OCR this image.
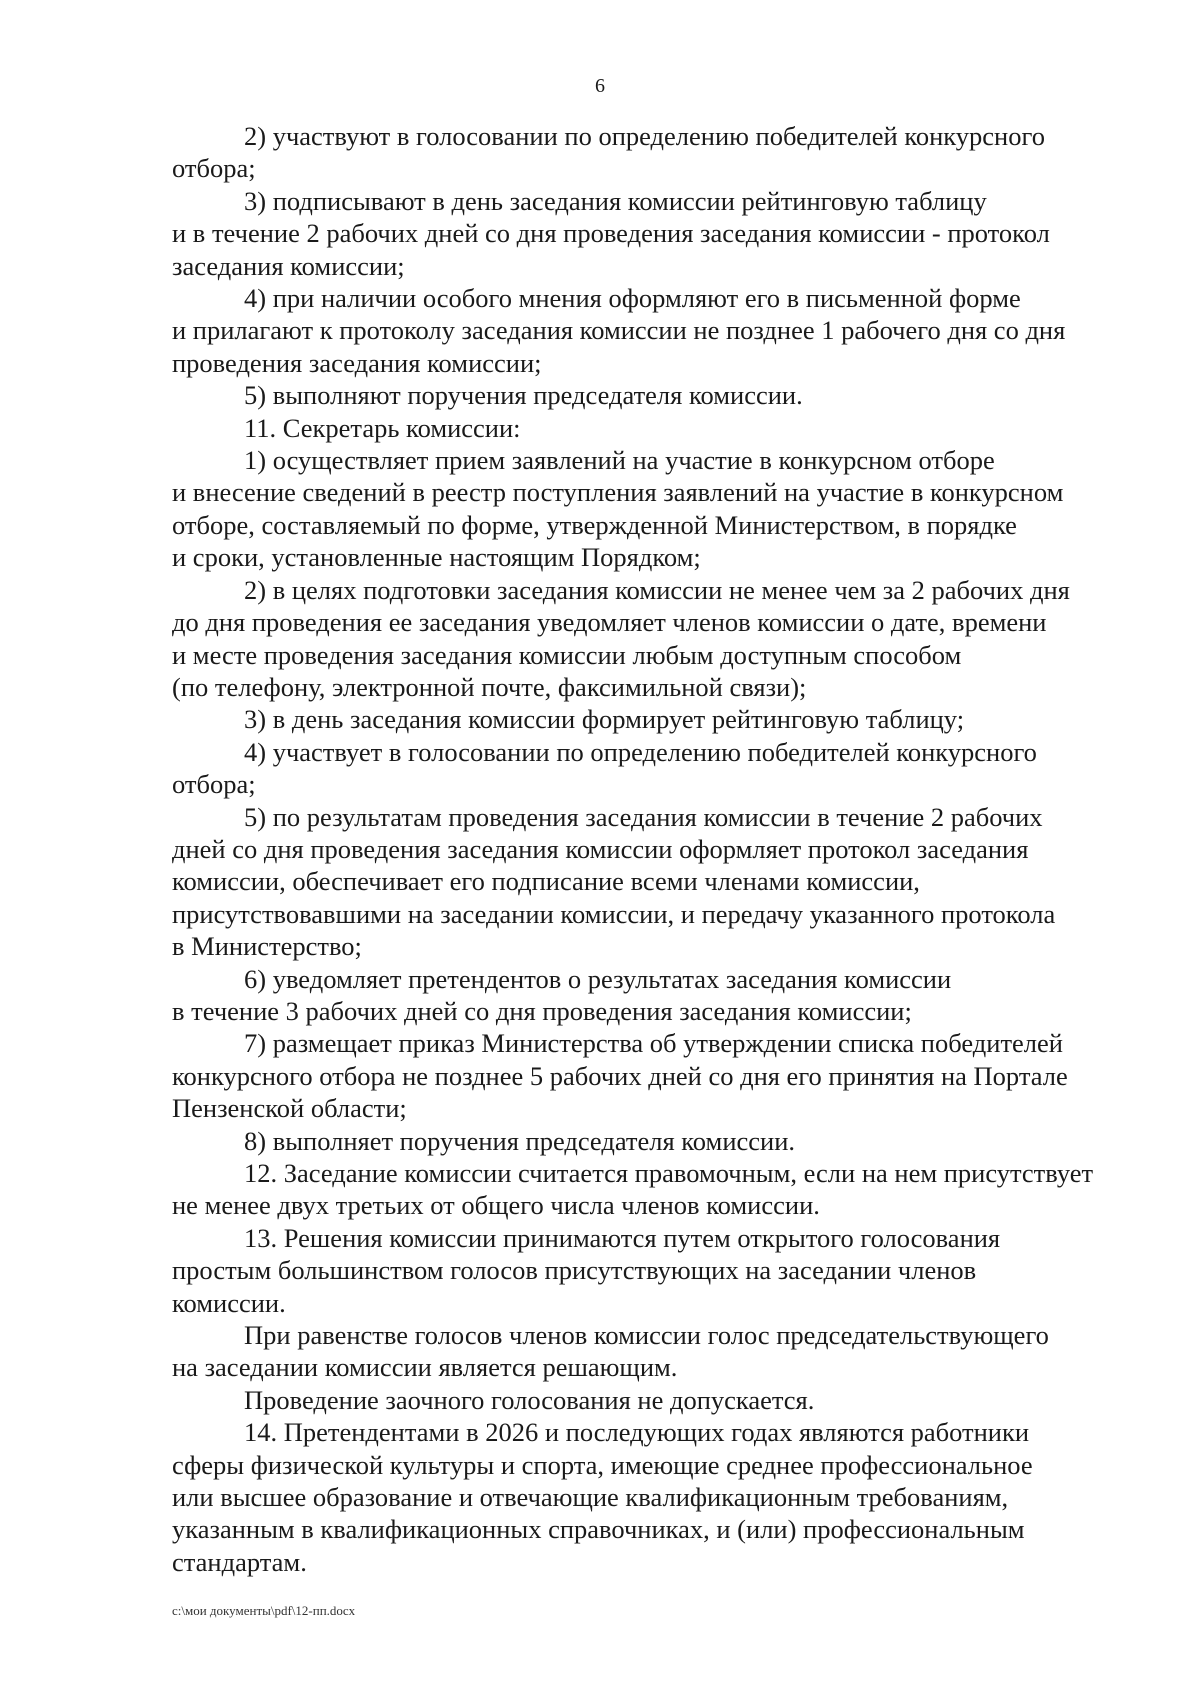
6

2) участвуют в голосовании по определению победителей конкурсного

отбора;

3) подписывают в день заседания комиссии рейтинговую таблицу

и в течение 2 рабочих дней со дня проведения заседания комиссии - протокол

заседания комиссии;

4) при наличии особого мнения оформляют его в письменной форме

и прилагают к протоколу заседания комиссии не позднее 1 рабочего дня со дня

проведения заседания комиссии;

5) выполняют поручения председателя комиссии.

11. Секретарь комиссии:

1) осуществляет прием заявлений на участие в конкурсном отборе

и внесение сведений в реестр поступления заявлений на участие в конкурсном

отборе, составляемый по форме, утвержденной Министерством, в порядке

и сроки, установленные настоящим Порядком;

2) в целях подготовки заседания комиссии не менее чем за 2 рабочих дня

до дня проведения ее заседания уведомляет членов комиссии о дате, времени

и месте проведения заседания комиссии любым доступным способом

(по телефону, электронной почте, факсимильной связи);

3) в день заседания комиссии формирует рейтинговую таблицу;

4) участвует в голосовании по определению победителей конкурсного

отбора;

5) по результатам проведения заседания комиссии в течение 2 рабочих

дней со дня проведения заседания комиссии оформляет протокол заседания

комиссии, обеспечивает его подписание всеми членами комиссии,

присутствовавшими на заседании комиссии, и передачу указанного протокола

в Министерство;

6) уведомляет претендентов о результатах заседания комиссии

в течение 3 рабочих дней со дня проведения заседания комиссии;

7) размещает приказ Министерства об утверждении списка победителей

конкурсного отбора не позднее 5 рабочих дней со дня его принятия на Портале

Пензенской области;

8) выполняет поручения председателя комиссии.

12. Заседание комиссии считается правомочным, если на нем присутствует

не менее двух третьих от общего числа членов комиссии.

13. Решения комиссии принимаются путем открытого голосования

простым большинством голосов присутствующих на заседании членов

комиссии.

При равенстве голосов членов комиссии голос председательствующего

на заседании комиссии является решающим.

Проведение заочного голосования не допускается.

14. Претендентами в 2026 и последующих годах являются работники

сферы физической культуры и спорта, имеющие среднее профессиональное

или высшее образование и отвечающие квалификационным требованиям,

указанным в квалификационных справочниках, и (или) профессиональным

стандартам.

c:\мои документы\pdf\12-пп.docx
